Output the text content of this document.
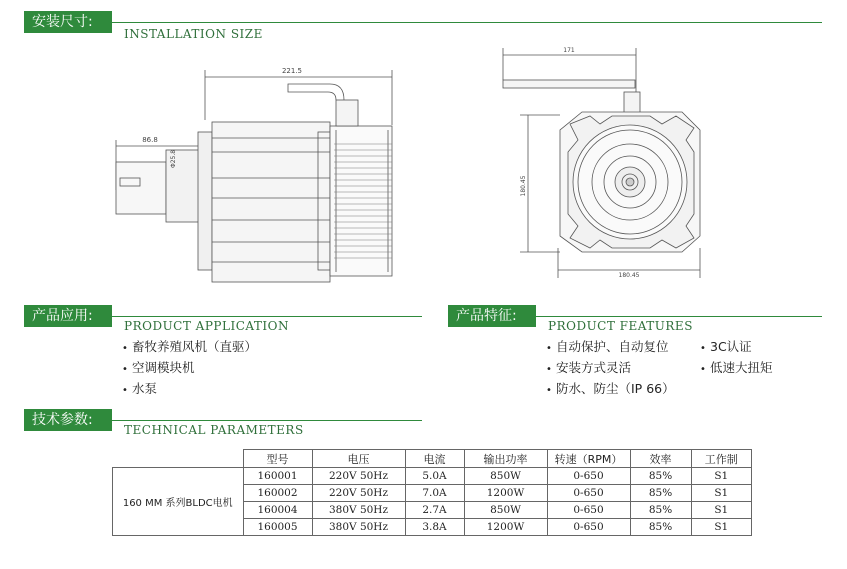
安装尺寸:
INSTALLATION SIZE
221.5
86.8
Φ25.8
171
180.45
180.45
产品应用:
PRODUCT APPLICATION
• 畜牧养殖风机（直驱）
• 空调模块机
• 水泵
产品特征:
PRODUCT FEATURES
• 自动保护、自动复位
• 安装方式灵活
• 防水、防尘（IP 66）
• 3C认证
• 低速大扭矩
技术参数:
TECHNICAL PARAMETERS
	型号	电压	电流	输出功率	转速（RPM）	效率	工作制
160 MM 系列BLDC电机	160001	220V 50Hz	5.0A	850W	0-650	85%	S1
	160002	220V 50Hz	7.0A	1200W	0-650	85%	S1
	160004	380V 50Hz	2.7A	850W	0-650	85%	S1
	160005	380V 50Hz	3.8A	1200W	0-650	85%	S1
